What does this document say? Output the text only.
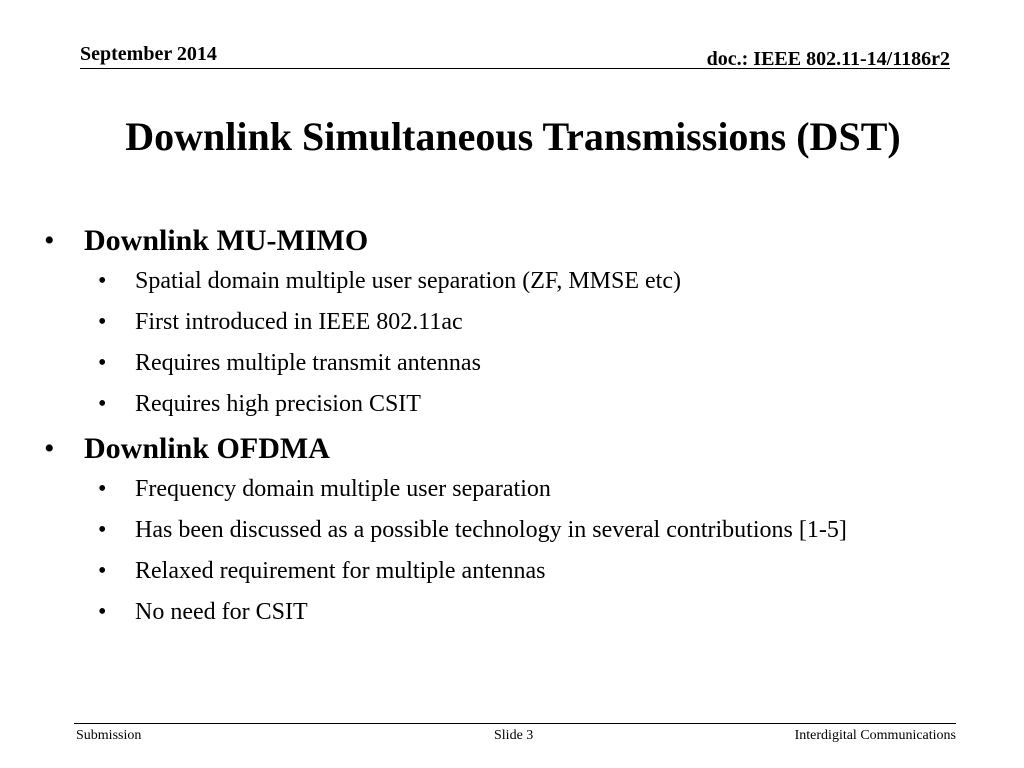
September 2014	doc.: IEEE 802.11-14/1186r2
Downlink Simultaneous Transmissions (DST)
• Downlink MU-MIMO
• Spatial domain multiple user separation (ZF, MMSE etc)
• First introduced in IEEE 802.11ac
• Requires multiple transmit antennas
• Requires high precision CSIT
• Downlink OFDMA
• Frequency domain multiple user separation
• Has been discussed as a possible technology in several contributions [1-5]
• Relaxed requirement for multiple antennas
• No need for CSIT
Submission	Slide 3	Interdigital Communications
